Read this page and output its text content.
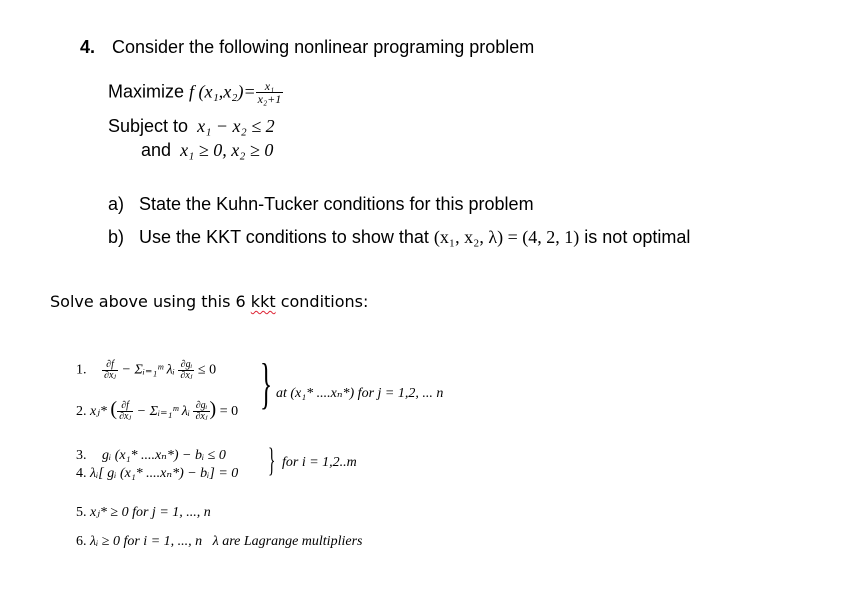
4. Consider the following nonlinear programing problem
Maximize f $(x_1,x_2)= \frac{\text{x₁}}{\text{x₂+1}}$
Subject to x₁ − x₂ ≤ 2
and x₁ ≥ 0, x₂ ≥ 0
a) State the Kuhn-Tucker conditions for this problem
b) Use the KKT conditions to show that (x₁, x₂, λ) = (4, 2, 1) is not optimal
Solve above using this 6 kkt conditions:
1. $\frac{\partial f}{\text{∂xⱼ}}$ − Σᵢ₌₁ᵐ λᵢ $\frac{\text{∂gᵢ}}{\text{∂xⱼ}} \le 0$
2. xⱼ* ( $\frac{\partial f}{\text{∂xⱼ}}$ − Σᵢ₌₁ᵐ λᵢ $\frac{\text{∂gᵢ}}{\text{∂xⱼ}}$ ) = 0 } at (x₁* ....xₙ*) for j = 1,2, ... n
3. gᵢ (x₁* ....xₙ*) − bᵢ ≤ 0
4. λᵢ[ gᵢ (x₁* ....xₙ*) − bᵢ] = 0 } for i = 1,2..m
5. xⱼ* ≥ 0 for j = 1, ..., n
6. λᵢ ≥ 0 for i = 1, ..., n   λ are Lagrange multipliers
